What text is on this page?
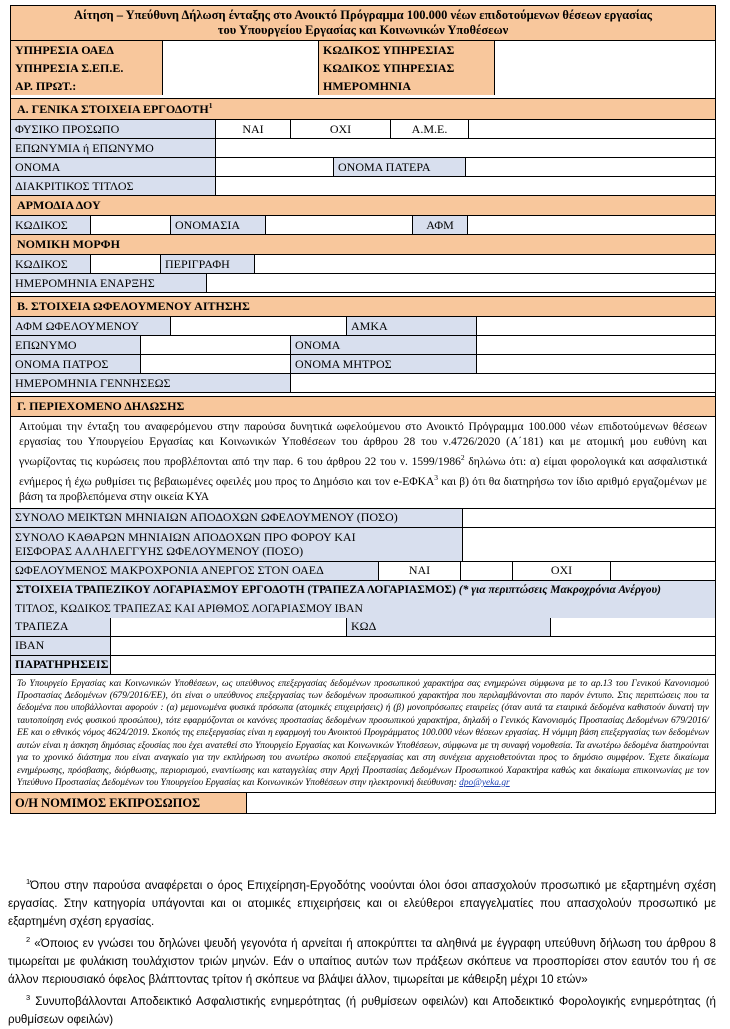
Αίτηση – Υπεύθυνη Δήλωση ένταξης στο Ανοικτό Πρόγραμμα 100.000 νέων επιδοτούμενων θέσεων εργασίας
του Υπουργείου Εργασίας και Κοινωνικών Υποθέσεων
ΥΠΗΡΕΣΙΑ ΟΑΕΔ	ΚΩΔΙΚΟΣ ΥΠΗΡΕΣΙΑΣ
ΥΠΗΡΕΣΙΑ Σ.ΕΠ.Ε.	ΚΩΔΙΚΟΣ ΥΠΗΡΕΣΙΑΣ
ΑΡ. ΠΡΩΤ.:	ΗΜΕΡΟΜΗΝΙΑ
Α. ΓΕΝΙΚΑ ΣΤΟΙΧΕΙΑ ΕΡΓΟΔΟΤΗ$^1$
ΦΥΣΙΚΟ ΠΡΟΣΩΠΟ	ΝΑΙ	ΟΧΙ	Α.Μ.Ε.
ΕΠΩΝΥΜΙΑ ή ΕΠΩΝΥΜΟ
ΟΝΟΜΑ	ΟΝΟΜΑ ΠΑΤΕΡΑ
ΔΙΑΚΡΙΤΙΚΟΣ ΤΙΤΛΟΣ
ΑΡΜΟΔΙΑ ΔΟΥ
ΚΩΔΙΚΟΣ	ΟΝΟΜΑΣΙΑ	ΑΦΜ
ΝΟΜΙΚΗ ΜΟΡΦΗ
ΚΩΔΙΚΟΣ	ΠΕΡΙΓΡΑΦΗ
ΗΜΕΡΟΜΗΝΙΑ ΕΝΑΡΞΗΣ
Β. ΣΤΟΙΧΕΙΑ ΩΦΕΛΟΥΜΕΝΟΥ ΑΙΤΗΣΗΣ
ΑΦΜ ΩΦΕΛΟΥΜΕΝΟΥ	ΑΜΚΑ
ΕΠΩΝΥΜΟ	ΟΝΟΜΑ
ΟΝΟΜΑ ΠΑΤΡΟΣ	ΟΝΟΜΑ ΜΗΤΡΟΣ
ΗΜΕΡΟΜΗΝΙΑ ΓΕΝΝΗΣΕΩΣ
Γ. ΠΕΡΙΕΧΟΜΕΝΟ ΔΗΛΩΣΗΣ
Αιτούμαι την ένταξη του αναφερόμενου στην παρούσα δυνητικά ωφελούμενου στο Ανοικτό Πρόγραμμα 100.000 νέων επιδοτούμενων θέσεων εργασίας του Υπουργείου Εργασίας και Κοινωνικών Υποθέσεων του άρθρου 28 του ν.4726/2020 (Α΄181) και με ατομική μου ευθύνη και γνωρίζοντας τις κυρώσεις που προβλέπονται από την παρ. 6 του άρθρου 22 του ν. 1599/1986$^2$ δηλώνω ότι: α) είμαι φορολογικά και ασφαλιστικά ενήμερος ή έχω ρυθμίσει τις βεβαιωμένες οφειλές μου προς το Δημόσιο και τον e-ΕΦΚΑ$^3$ και β) ότι θα διατηρήσω τον ίδιο αριθμό εργαζομένων με βάση τα προβλεπόμενα στην οικεία ΚΥΑ
ΣΥΝΟΛΟ ΜΕΙΚΤΩΝ ΜΗΝΙΑΙΩΝ ΑΠΟΔΟΧΩΝ ΩΦΕΛΟΥΜΕΝΟΥ (ΠΟΣΟ)
ΣΥΝΟΛΟ ΚΑΘΑΡΩΝ ΜΗΝΙΑΙΩΝ ΑΠΟΔΟΧΩΝ ΠΡΟ ΦΟΡΟΥ ΚΑΙ
ΕΙΣΦΟΡΑΣ ΑΛΛΗΛΕΓΓΥΗΣ ΩΦΕΛΟΥΜΕΝΟΥ (ΠΟΣΟ)
ΩΦΕΛΟΥΜΕΝΟΣ ΜΑΚΡΟΧΡΟΝΙΑ ΑΝΕΡΓΟΣ ΣΤΟΝ ΟΑΕΔ	ΝΑΙ	ΟΧΙ
ΣΤΟΙΧΕΙΑ ΤΡΑΠΕΖΙΚΟΥ ΛΟΓΑΡΙΑΣΜΟΥ ΕΡΓΟΔΟΤΗ (ΤΡΑΠΕΖΑ ΛΟΓΑΡΙΑΣΜΟΣ) (* για περιπτώσεις Μακροχρόνια Ανέργου)
ΤΙΤΛΟΣ, ΚΩΔΙΚΟΣ ΤΡΑΠΕΖΑΣ ΚΑΙ ΑΡΙΘΜΟΣ ΛΟΓΑΡΙΑΣΜΟΥ IBAN
ΤΡΑΠΕΖΑ	ΚΩΔ
IBAN
ΠΑΡΑΤΗΡΗΣΕΙΣ
Το Υπουργείο Εργασίας και Κοινωνικών Υποθέσεων, ως υπεύθυνος επεξεργασίας δεδομένων προσωπικού χαρακτήρα σας ενημερώνει σύμφωνα με το αρ.13 του Γενικού Κανονισμού Προστασίας Δεδομένων (679/2016/ΕΕ), ότι είναι ο υπεύθυνος επεξεργασίας των δεδομένων προσωπικού χαρακτήρα που περιλαμβάνονται στο παρόν έντυπο. Στις περιπτώσεις που τα δεδομένα που υποβάλλονται αφορούν : (α) μεμονωμένα φυσικά πρόσωπα (ατομικές επιχειρήσεις) ή (β) μονοπρόσωπες εταιρείες (όταν αυτά τα εταιρικά δεδομένα καθιστούν δυνατή την ταυτοποίηση ενός φυσικού προσώπου), τότε εφαρμόζονται οι κανόνες προστασίας δεδομένων προσωπικού χαρακτήρα, δηλαδή ο Γενικός Κανονισμός Προστασίας Δεδομένων 679/2016/ΕΕ και ο εθνικός νόμος 4624/2019. Σκοπός της επεξεργασίας είναι η εφαρμογή του Ανοικτού Προγράμματος 100.000 νέων θέσεων εργασίας. Η νόμιμη βάση επεξεργασίας των δεδομένων αυτών είναι η άσκηση δημόσιας εξουσίας που έχει ανατεθεί στο Υπουργείο Εργασίας και Κοινωνικών Υποθέσεων, σύμφωνα με τη συναφή νομοθεσία. Τα ανωτέρω δεδομένα διατηρούνται για το χρονικό διάστημα που είναι αναγκαίο για την εκπλήρωση του ανωτέρω σκοπού επεξεργασίας και στη συνέχεια αρχειοθετούνται προς το δημόσιο συμφέρον. Έχετε δικαίωμα ενημέρωσης, πρόσβασης, διόρθωσης, περιορισμού, εναντίωσης και καταγγελίας στην Αρχή Προστασίας Δεδομένων Προσωπικού Χαρακτήρα καθώς και δικαίωμα επικοινωνίας με τον Υπεύθυνο Προστασίας Δεδομένων του Υπουργείου Εργασίας και Κοινωνικών Υποθέσεων στην ηλεκτρονική διεύθυνση: dpo@yeka.gr
Ο/Η ΝΟΜΙΜΟΣ ΕΚΠΡΟΣΩΠΟΣ

$^1$Όπου στην παρούσα αναφέρεται ο όρος Επιχείρηση-Εργοδότης νοούνται όλοι όσοι απασχολούν προσωπικό με εξαρτημένη σχέση εργασίας. Στην κατηγορία υπάγονται και οι ατομικές επιχειρήσεις και οι ελεύθεροι επαγγελματίες που απασχολούν προσωπικό με εξαρτημένη σχέση εργασίας.

$^2$ «Όποιος εν γνώσει του δηλώνει ψευδή γεγονότα ή αρνείται ή αποκρύπτει τα αληθινά με έγγραφη υπεύθυνη δήλωση του άρθρου 8 τιμωρείται με φυλάκιση τουλάχιστον τριών μηνών. Εάν ο υπαίτιος αυτών των πράξεων σκόπευε να προσπορίσει στον εαυτόν του ή σε άλλον περιουσιακό όφελος βλάπτοντας τρίτον ή σκόπευε να βλάψει άλλον, τιμωρείται με κάθειρξη μέχρι 10 ετών»

$^3$ Συνυποβάλλονται Αποδεικτικό Ασφαλιστικής ενημερότητας (ή ρυθμίσεων οφειλών) και Αποδεικτικό Φορολογικής ενημερότητας (ή ρυθμίσεων οφειλών)
